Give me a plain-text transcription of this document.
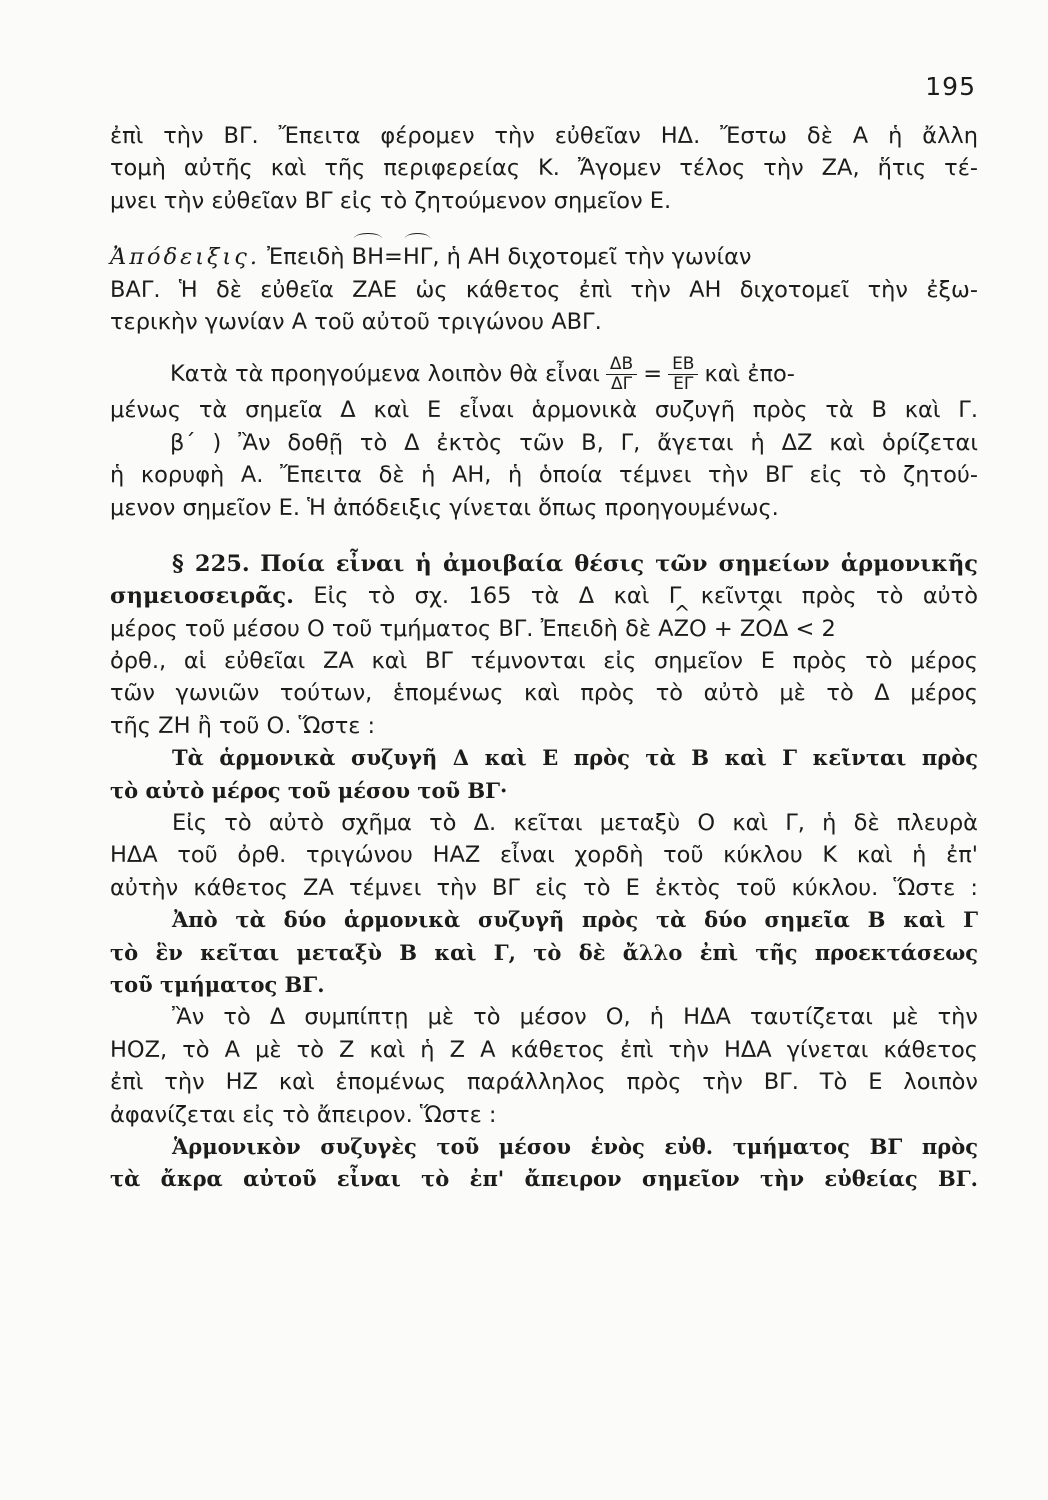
195
ἐπὶ τὴν ΒΓ. Ἔπειτα φέρομεν τὴν εὐθεῖαν ΗΔ. Ἔστω δὲ Α ἡ ἄλλη
τομὴ αὐτῆς καὶ τῆς περιφερείας Κ. Ἄγομεν τέλος τὴν ΖΑ, ἥτις τέ-
μνει τὴν εὐθεῖαν ΒΓ εἰς τὸ ζητούμενον σημεῖον Ε.
Ἀπόδειξις. Ἐπειδὴ ΒΗ=ΗΓ, ἡ ΑΗ διχοτομεῖ τὴν γωνίαν
ΒΑΓ. Ἡ δὲ εὐθεῖα ΖΑΕ ὡς κάθετος ἐπὶ τὴν ΑΗ διχοτομεῖ τὴν ἐξω-
τερικὴν γωνίαν Α τοῦ αὐτοῦ τριγώνου ΑΒΓ.
Κατὰ τὰ προηγούμενα λοιπὸν θὰ εἶναι $\frac{\Delta B}{\Delta\Gamma} = \frac{EB}{E\Gamma}$ καὶ ἐπο-
μένως τὰ σημεῖα Δ καὶ Ε εἶναι ἁρμονικὰ συζυγῆ πρὸς τὰ Β καὶ Γ.
β΄ ) Ἂν δοθῇ τὸ Δ ἐκτὸς τῶν Β, Γ, ἄγεται ἡ ΔΖ καὶ ὁρίζεται
ἡ κορυφὴ Α. Ἔπειτα δὲ ἡ ΑΗ, ἡ ὁποία τέμνει τὴν ΒΓ εἰς τὸ ζητού-
μενον σημεῖον Ε. Ἡ ἀπόδειξις γίνεται ὅπως προηγουμένως.
§ 225. Ποία εἶναι ἡ ἀμοιβαία θέσις τῶν σημείων ἁρμονικῆς
σημειοσειρᾶς. Εἰς τὸ σχ. 165 τὰ Δ καὶ Γ κεῖνται πρὸς τὸ αὐτὸ
μέρος τοῦ μέσου Ο τοῦ τμήματος ΒΓ. Ἐπειδὴ δὲ Α^ ΖΟ + Ζ^ ΟΔ < 2
ὀρθ., αἱ εὐθεῖαι ΖΑ καὶ ΒΓ τέμνονται εἰς σημεῖον Ε πρὸς τὸ μέρος
τῶν γωνιῶν τούτων, ἑπομένως καὶ πρὸς τὸ αὐτὸ μὲ τὸ Δ μέρος
τῆς ΖΗ ἢ τοῦ Ο. Ὥστε :
Τὰ ἁρμονικὰ συζυγῆ Δ καὶ Ε πρὸς τὰ Β καὶ Γ κεῖνται πρὸς
τὸ αὐτὸ μέρος τοῦ μέσου τοῦ ΒΓ·
Εἰς τὸ αὐτὸ σχῆμα τὸ Δ. κεῖται μεταξὺ Ο καὶ Γ, ἡ δὲ πλευρὰ
ΗΔΑ τοῦ ὀρθ. τριγώνου ΗΑΖ εἶναι χορδὴ τοῦ κύκλου Κ καὶ ἡ ἐπ'
αὐτὴν κάθετος ΖΑ τέμνει τὴν ΒΓ εἰς τὸ Ε ἐκτὸς τοῦ κύκλου. Ὥστε :
Ἀπὸ τὰ δύο ἁρμονικὰ συζυγῆ πρὸς τὰ δύο σημεῖα Β καὶ Γ
τὸ ἓν κεῖται μεταξὺ Β καὶ Γ, τὸ δὲ ἄλλο ἐπὶ τῆς προεκτάσεως
τοῦ τμήματος ΒΓ.
Ἂν τὸ Δ συμπίπτῃ μὲ τὸ μέσον Ο, ἡ ΗΔΑ ταυτίζεται μὲ τὴν
ΗΟΖ, τὸ Α μὲ τὸ Ζ καὶ ἡ Ζ Α κάθετος ἐπὶ τὴν ΗΔΑ γίνεται κάθετος
ἐπὶ τὴν ΗΖ καὶ ἑπομένως παράλληλος πρὸς τὴν ΒΓ. Τὸ Ε λοιπὸν
ἀφανίζεται εἰς τὸ ἄπειρον. Ὥστε :
Ἁρμονικὸν συζυγὲς τοῦ μέσου ἑνὸς εὐθ. τμήματος ΒΓ πρὸς
τὰ ἄκρα αὐτοῦ εἶναι τὸ ἐπ' ἄπειρον σημεῖον τὴν εὐθείας ΒΓ.
